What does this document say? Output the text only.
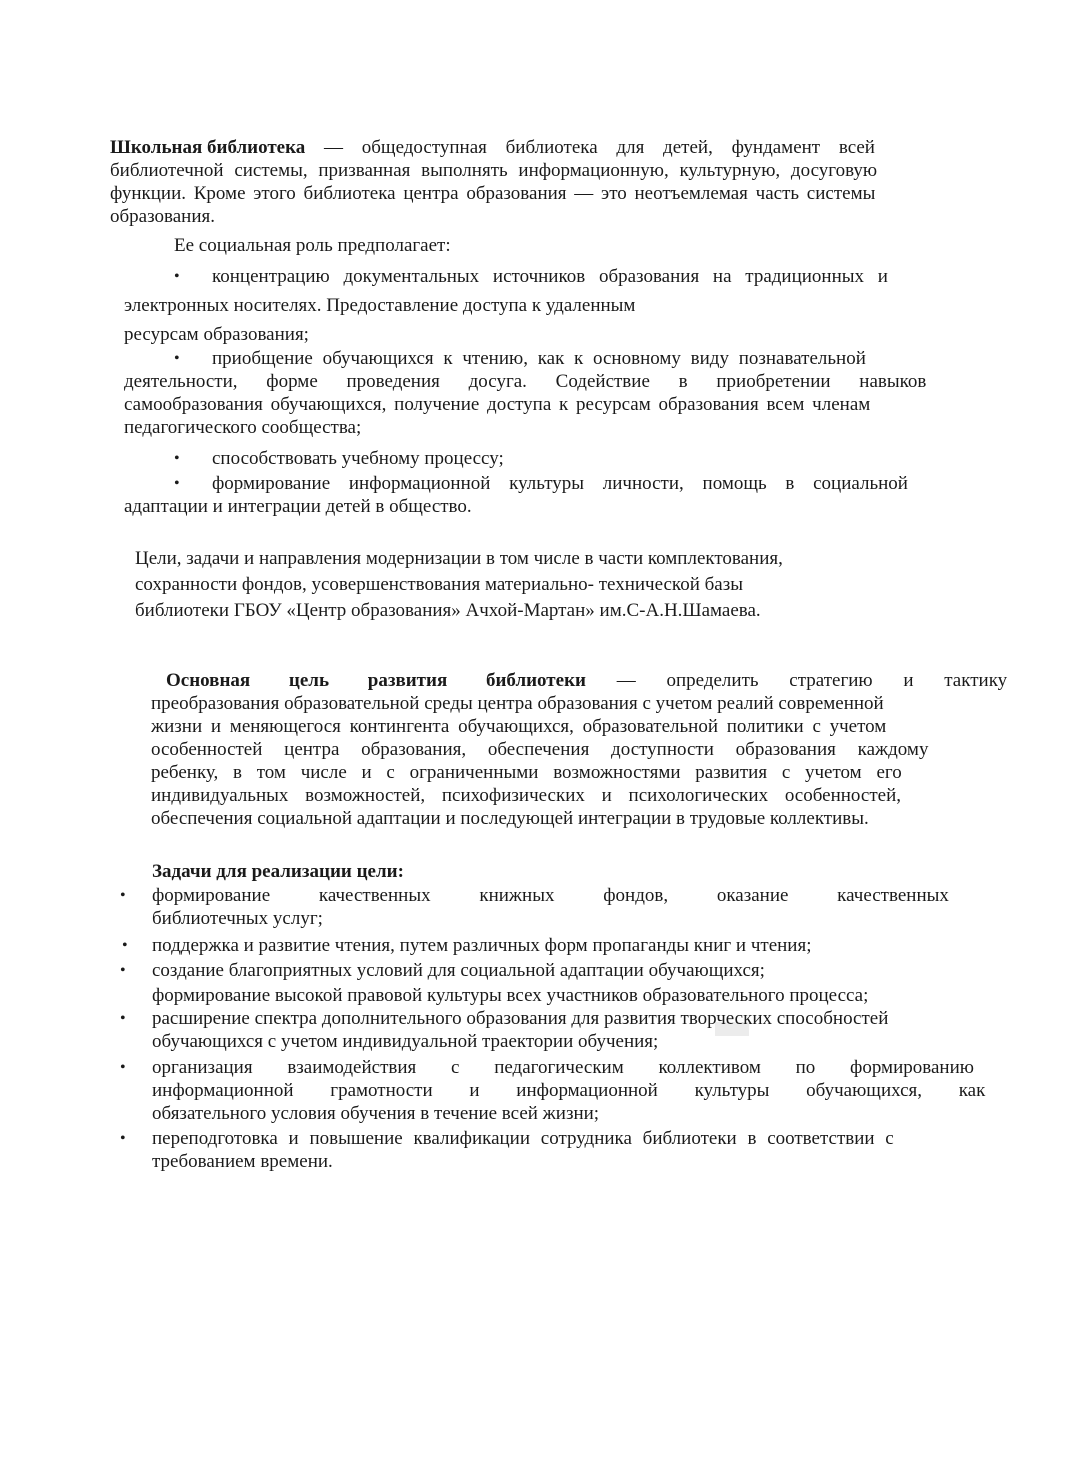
Школьная библиотека — общедоступная библиотека для детей, фундамент всей
библиотечной системы, призванная выполнять информационную, культурную, досуговую
функции. Кроме этого библиотека центра образования — это неотъемлемая часть системы
образования.
Ее социальная роль предполагает:
•	концентрацию документальных источников образования на традиционных и
электронных носителях. Предоставление доступа к удаленным
ресурсам образования;
•	приобщение обучающихся к чтению, как к основному виду познавательной
деятельности, форме проведения досуга. Содействие в приобретении навыков
самообразования обучающихся, получение доступа к ресурсам образования всем членам
педагогического сообщества;
•	способствовать учебному процессу;
•	формирование информационной культуры личности, помощь в социальной
адаптации и интеграции детей в общество.
Цели, задачи и направления модернизации в том числе в части комплектования,
сохранности фондов, усовершенствования материально- технической базы
библиотеки ГБОУ «Центр образования» Ачхой-Мартан» им.С-А.Н.Шамаева.
Основная цель развития библиотеки — определить стратегию и тактику
преобразования образовательной среды центра образования с учетом реалий современной
жизни и меняющегося контингента обучающихся, образовательной политики с учетом
особенностей центра образования, обеспечения доступности образования каждому
ребенку, в том числе и с ограниченными возможностями развития с учетом его
индивидуальных возможностей, психофизических и психологических особенностей,
обеспечения социальной адаптации и последующей интеграции в трудовые коллективы.
Задачи для реализации цели:
•	формирование качественных книжных фондов, оказание качественных
библиотечных услуг;
•	поддержка и развитие чтения, путем различных форм пропаганды книг и чтения;
•	создание благоприятных условий для социальной адаптации обучающихся;
формирование высокой правовой культуры всех участников образовательного процесса;
•	расширение спектра дополнительного образования для развития творческих способностей
обучающихся с учетом индивидуальной траектории обучения;
•	организация взаимодействия с педагогическим коллективом по формированию
информационной грамотности и информационной культуры обучающихся, как
обязательного условия обучения в течение всей жизни;
•	переподготовка и повышение квалификации сотрудника библиотеки в соответствии с
требованием времени.
